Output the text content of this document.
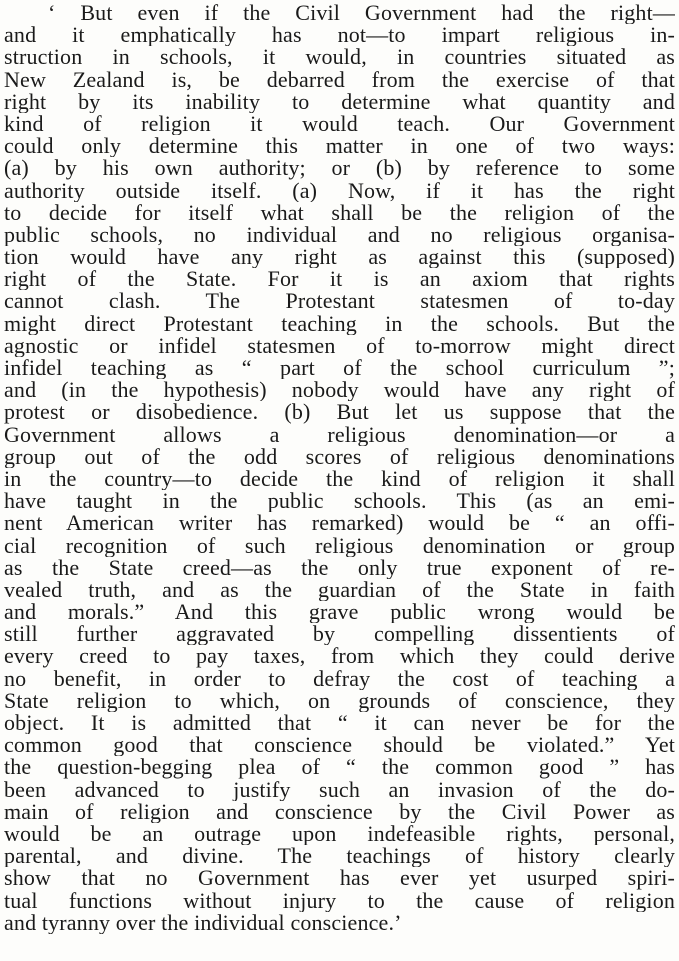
‘ But even if the Civil Government had the right—
and it emphatically has not—to impart religious in-
struction in schools, it would, in countries situated as
New Zealand is, be debarred from the exercise of that
right by its inability to determine what quantity and
kind of religion it would teach. Our Government
could only determine this matter in one of two ways:
(a) by his own authority; or (b) by reference to some
authority outside itself. (a) Now, if it has the right
to decide for itself what shall be the religion of the
public schools, no individual and no religious organisa-
tion would have any right as against this (supposed)
right of the State. For it is an axiom that rights
cannot clash. The Protestant statesmen of to-day
might direct Protestant teaching in the schools. But the
agnostic or infidel statesmen of to-morrow might direct
infidel teaching as “ part of the school curriculum ”;
and (in the hypothesis) nobody would have any right of
protest or disobedience. (b) But let us suppose that the
Government allows a religious denomination—or a
group out of the odd scores of religious denominations
in the country—to decide the kind of religion it shall
have taught in the public schools. This (as an emi-
nent American writer has remarked) would be “ an offi-
cial recognition of such religious denomination or group
as the State creed—as the only true exponent of re-
vealed truth, and as the guardian of the State in faith
and morals.” And this grave public wrong would be
still further aggravated by compelling dissentients of
every creed to pay taxes, from which they could derive
no benefit, in order to defray the cost of teaching a
State religion to which, on grounds of conscience, they
object. It is admitted that “ it can never be for the
common good that conscience should be violated.” Yet
the question-begging plea of “ the common good ” has
been advanced to justify such an invasion of the do-
main of religion and conscience by the Civil Power as
would be an outrage upon indefeasible rights, personal,
parental, and divine. The teachings of history clearly
show that no Government has ever yet usurped spiri-
tual functions without injury to the cause of religion
and tyranny over the individual conscience.’
